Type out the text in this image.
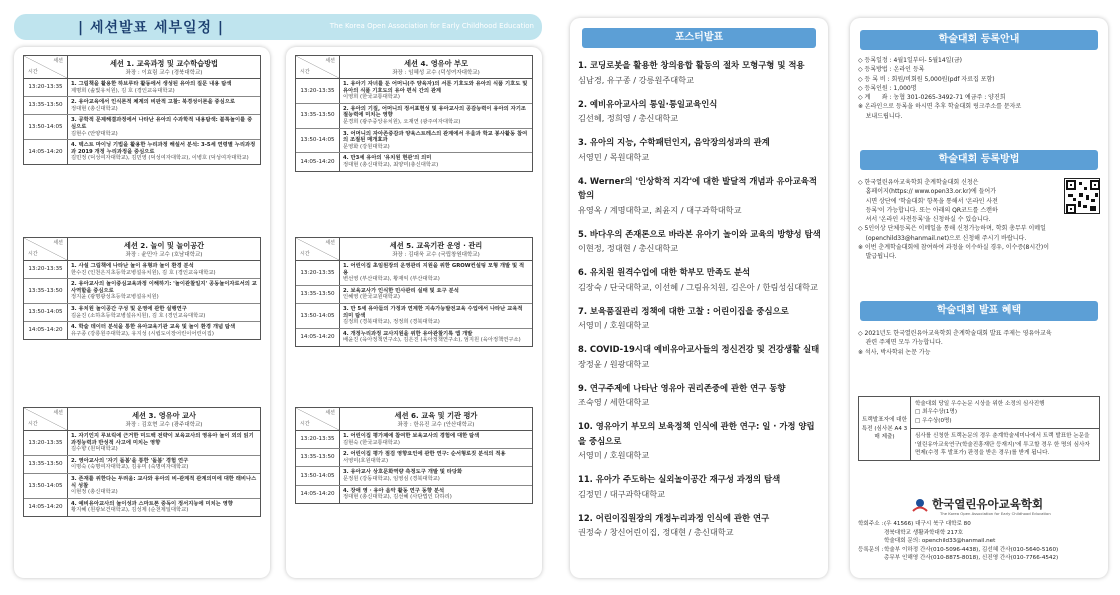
| 세션발표 세부일정 |	The Korea Open Association for Early Childhood Education
세션
시간
세션 1. 교육과정 및 교수학습방법
좌장 : 이효림 교수 (경북대학교)
13:20-13:35
1. 그림책을 활용한 하브루타 활동에서 생성된 유아의 질문 내용 탐색
제명희 (솔빛유치원), 김 호 (경인교육대학교)
13:35-13:50
2. 유아교육에서 인식론적 체계의 비판적 고찰: 북경성이론을 중심으로
정대현 (총신대학교)
13:50-14:05
3. 공학적 문제해결과정에서 나타난 유아의 수과학적 내용탐색: 블록놀이를 중심으로
김현수 (안양대학교)
14:05-14:20
4. 텍스트 마이닝 기법을 활용한 누리과정 해설서 분석: 3-5세 연령별 누리과정과 2019 개정 누리과정을 중심으로
김민정 (덕성여자대학교), 김민영 (덕성여자대학교), 이병호 (덕성여자대학교)
세션
시간
세션 2. 놀이 및 놀이공간
좌장 : 윤민아 교수 (호남대학교)
13:20-13:35
1. 사설 그림책에 나타난 놀이 유형과 놀이 환경 분석
한수진 (인천은지초등학교병설유치원), 김 호 (경인교육대학교)
13:35-13:50
2. 유아교사의 놀이중심교육과정 이해하기: '놀이관찰일지' 공동놀이자로서의 교사역할을 중심으로
정지윤 (광명광성초등학교병설유치원)
13:50-14:05
3. 유치원 놀이공간 구성 및 운영에 관한 실행연구
김윤진 (소하초등학교병설유치원), 김 호 (경인교육대학교)
14:05-14:20
4. 학술 데이터 분석을 통한 유아교육기관 교육 및 놀이 환경 개념 탐색
유구종 (강릉원주대학교), 유지성 (시립도이장어린이어린이집)
세션
시간
세션 3. 영유아 교사
좌장 : 김호현 교수 (광주대학교)
13:20-13:35
1. 자기인지 루브릭에 근거한 미드백 전략이 보육교사의 영유아 놀이 외의 읽기 과정능력과 반성적 사고에 미치는 영향
김수향 (원덕대학교)
13:35-13:50
2. 영아교사의 '자기 돌봄'을 통한 '돌봄' 경험 연구
이명숙 (숙명여자대학교), 김유미 (숙명여자대학교)
13:50-14:05
3. 존재를 위한다는 두려움: 교사와 유아의 비-관계적 관계의미에 대한 래비나스식 성찰
이현정 (총신대학교)
14:05-14:20
4. 예비유아교사의 놀이성과 스마트폰 중독이 정서지능에 미치는 영향
황지혜 (원광보건대학교), 김성제 (순천제일대학교)
세션
시간
세션 4. 영유아 부모
좌장 : 임혜성 교수 (덕성여자대학교)
13:20-13:35
1. 유아기 자녀를 둔 어머니(주 양육자)의 서툰 기호도와 유아의 식품 기호도 및 유아의 식품 기호도의 유아 편식 간의 관계
이영희 (한국교통대학교)
13:35-13:50
2. 유아의 기질, 어머니의 정서표현성 및 유아교사의 공감능력이 유아의 자기조절능력에 미치는 영향
문경희 (광주중앙유치원), 오재연 (광주여자대학교)
13:50-14:05
3. 어머니의 자아존중감과 양육스트레스의 관계에서 우울과 학교 봉사활동 참여의 조절된 매개효과
문영화 (강원대학교)
14:05-14:20
4. 만3세 유아의 '유치원 현관'의 의미
정대현 (총신대학교), 최양미(총신대학교)
세션
시간
세션 5. 교육기관 운영 · 관리
좌장 : 김대욱 교수 (국립창원대학교)
13:20-13:35
1. 어린이집 초임원장의 운영관리 지원을 위한 GROW컨설팅 모형 개발 및 적용
변선영 (부산대학교), 황재익 (부산대학교)
13:35-13:50
2. 보육교사가 인식한 민사관리 실태 및 요구 분석
인혜영 (한국교원대학교)
13:50-14:05
3. 만 5세 유아들의 가정과 연계한 지속가능발전교육 수업에서 나타난 교육적 의미 탐색
김정희 (경북대학교), 정정희 (경북대학교)
14:05-14:20
4. 개정누리과정 교사지원을 위한 유아관찰기록 앱 개발
배윤진 (육아정책연구소), 김은진 (육아정책연구소), 엄지원 (육아정책연구소)
세션
시간
세션 6. 교육 및 기관 평가
좌장 : 한유진 교수 (안산대학교)
13:20-13:35
1. 어린이집 평가제에 참여한 보육교사의 경험에 대한 탐색
김현숙 (한국교통대학교)
13:35-13:50
2. 어린이집 평가 점검 영향요인에 관한 연구: 순서형로짓 분석의 적용
서영미(호원대학교)
13:50-14:05
3. 유아교사 상호문화역량 측정도구 개발 및 타당화
문정원 (강동대학교), 임영심 (경북대학교)
14:05-14:20
4. 장애 영 · 유아 음악 활동 연구 동향 분석
정대현 (총신대학교), 김선혜 (사단법인 다하리)
포스터발표
1. 코딩로봇을 활용한 창의융합 활동의 절차 모형구형 및 적용
심남경, 유구종 / 강릉원주대학교
2. 예비유아교사의 통일·통일교육인식
김선혜, 정희영 / 총신대학교
3. 유아의 지능, 수학패턴인지, 음악장의성과의 관계
서영민 / 목원대학교
4. Werner의 '인상학적 지각'에 대한 발달적 개념과 유아교육적 함의
유영옥 / 계명대학교, 최윤지 / 대구과학대학교
5. 바다우의 존재론으로 바라본 유아기 놀이와 교육의 방향성 탐색
이현정, 정대현 / 총신대학교
6. 유치원 원격수업에 대한 학부모 만족도 분석
김장숙 / 단국대학교, 이선혜 / 그림유치원, 김은아 / 한림성심대학교
7. 보육품질관리 정책에 대한 고찰 : 어린이집을 중심으로
서영미 / 호원대학교
8. COVID-19시대 예비유아교사들의 정신건강 및 건강생활 실태
장정윤 / 원광대학교
9. 연구주제에 나타난 영유아 권리존중에 관한 연구 동향
조숙영 / 세한대학교
10. 영유아기 부모의 보육정책 인식에 관한 연구: 일 · 가정 양립을 중심으로
서영미 / 호원대학교
11. 유아가 주도하는 실외놀이공간 재구성 과정의 탐색
김정민 / 대구과학대학교
12. 어린이집원장의 개정누리과정 인식에 관한 연구
권정숙 / 창신어린이집, 정대현 / 총신대학교
학술대회 등록안내
◇ 등록일정 : 4월1일부터- 5월14일(금)
◇ 등록방법 : 온라인 등록
◇ 등 록 비 : 회원/비회원 5,000원(pdf 자료집 포함)
◇ 등록인원 : 1,000명
◇ 계      좌 : 농협 301-0265-3492-71 예금주 : 양진희
※ 온라인으로 등록을 하시면 추후 학술대회 링크주소를 문자로
보내드립니다.
학술대회 등록방법
◇ 한국열린유아교육학회 춘계학술대회 신청은
홈페이지(https:// www.open33.or.kr)에 들어가
시면 상단에 '학술대회' 항목을 통해서 '온라인 사전
등록'이 가능합니다. 또는 아래의 QR코드를 스캔하
셔서 '온라인 사전등록'을 신청하실 수 있습니다.
◇ 5인이상 단체등록은 이메일을 통해 신청가능하며, 학회 총무부 이메일
(openchild33@hanmail.net)으로 신청해 주시기 바랍니다.
※ 이번 춘계학술대회에 참여하여 과정을 이수하실 경우, 이수증(8시간)이
발급됩니다.
학술대회 발표 혜택
◇ 2021년도 한국열린유아교육학회 춘계학술대회 발표 주제는 영유아교육
관련 주제면 모두 가능합니다.
※ 석사, 박사학위 논문 가능
트랙발표자에 대한 특전 (심사본 A4 3매 제출)
학술대회 당일 우수논문 시상을 위한 소정의 심사진행
□ 최우수상(1명)
□ 우수상(0명)
심사를 신청한 트랙논문의 경우 춘계학술세미나에서 트랙 발표한 논문을 '열린유아교육연구(학술진흥재단 등재지)'에 투고할 경우 한 명의 심사자 면제(수정 후 발표가) 판정을 받은 경우)를 받게 됩니다.
한국열린유아교육학회
The Korea Open Association for Early Childhood Education
학회주소 :(우 41566) 대구시 북구 대학로 80
경북대학교 생활과학대학 217호
학술대회 문의: openchild33@hanmail.net
등록문의 :학술부 이하정 간사(010-5096-4438), 김선혜 간사(010-5640-5160)
총무부 인해영 간사(010-8875-8018), 신진영 간사(010-7766-4542)
